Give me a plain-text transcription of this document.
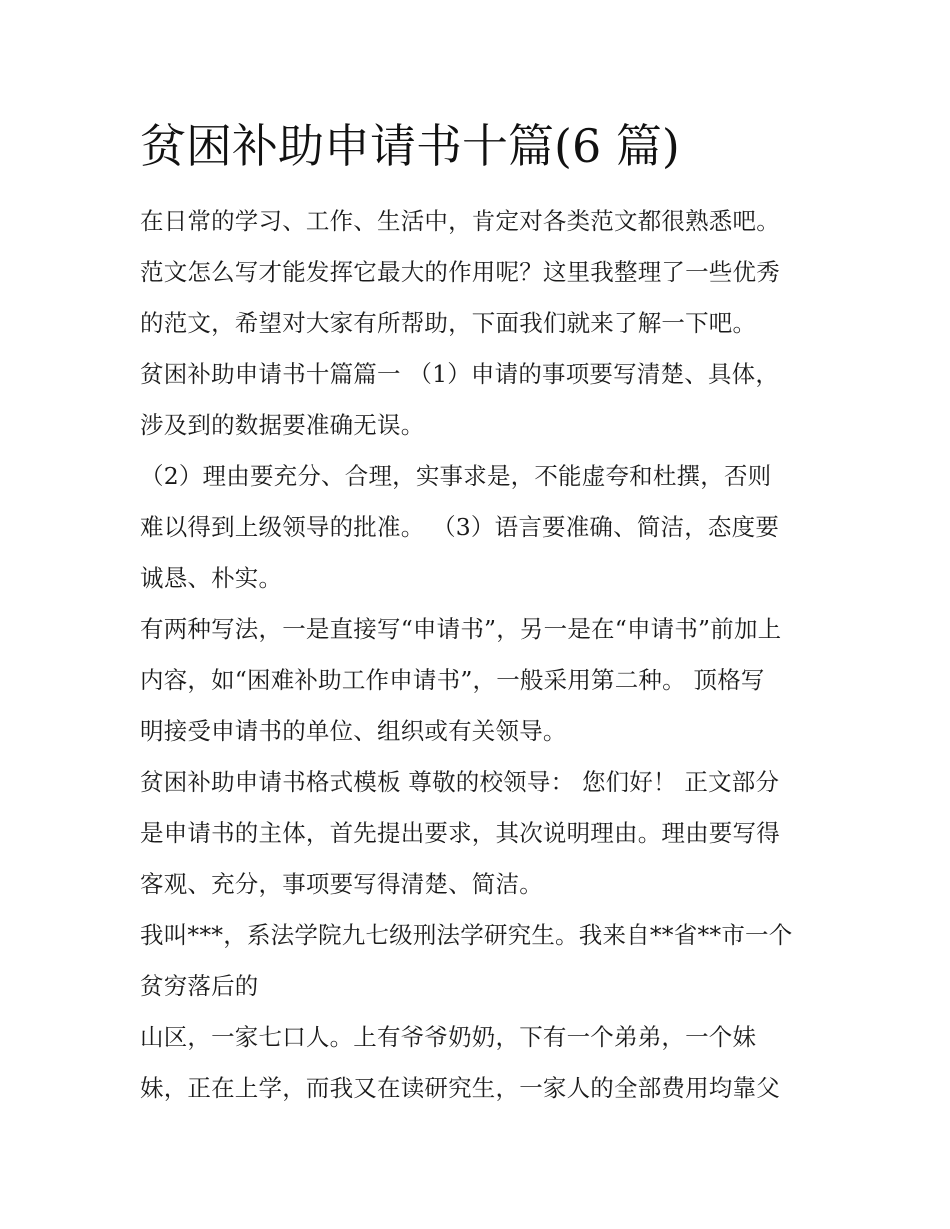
贫困补助申请书十篇(6 篇)
在日常的学习、工作、生活中，肯定对各类范文都很熟悉吧。
范文怎么写才能发挥它最大的作用呢？这里我整理了一些优秀
的范文，希望对大家有所帮助，下面我们就来了解一下吧。
贫困补助申请书十篇篇一 （1）申请的事项要写清楚、具体，
涉及到的数据要准确无误。
（2）理由要充分、合理，实事求是，不能虚夸和杜撰，否则
难以得到上级领导的批准。 （3）语言要准确、简洁，态度要
诚恳、朴实。
有两种写法，一是直接写“申请书”，另一是在“申请书”前加上
内容，如“困难补助工作申请书”，一般采用第二种。 顶格写
明接受申请书的单位、组织或有关领导。
贫困补助申请书格式模板 尊敬的校领导： 您们好！ 正文部分
是申请书的主体，首先提出要求，其次说明理由。理由要写得
客观、充分，事项要写得清楚、简洁。
我叫***，系法学院九七级刑法学研究生。我来自**省**市一个
贫穷落后的
山区，一家七口人。上有爷爷奶奶，下有一个弟弟，一个妹
妹，正在上学，而我又在读研究生，一家人的全部费用均靠父
